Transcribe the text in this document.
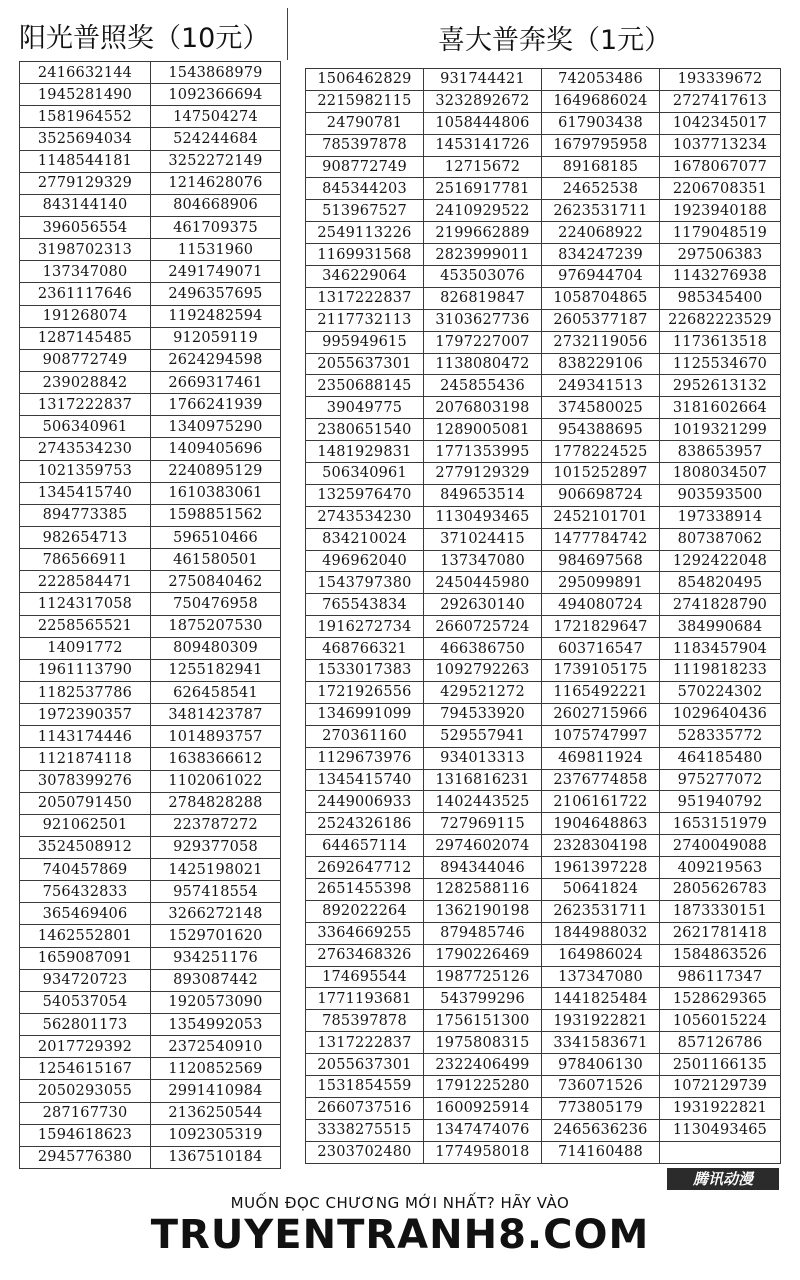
阳光普照奖（10元）	喜大普奔奖（1元）
2416632144	1543868979
1945281490	1092366694
1581964552	147504274
3525694034	524244684
1148544181	3252272149
2779129329	1214628076
843144140	804668906
396056554	461709375
3198702313	11531960
137347080	2491749071
2361117646	2496357695
191268074	1192482594
1287145485	912059119
908772749	2624294598
239028842	2669317461
1317222837	1766241939
506340961	1340975290
2743534230	1409405696
1021359753	2240895129
1345415740	1610383061
894773385	1598851562
982654713	596510466
786566911	461580501
2228584471	2750840462
1124317058	750476958
2258565521	1875207530
14091772	809480309
1961113790	1255182941
1182537786	626458541
1972390357	3481423787
1143174446	1014893757
1121874118	1638366612
3078399276	1102061022
2050791450	2784828288
921062501	223787272
3524508912	929377058
740457869	1425198021
756432833	957418554
365469406	3266272148
1462552801	1529701620
1659087091	934251176
934720723	893087442
540537054	1920573090
562801173	1354992053
2017729392	2372540910
1254615167	1120852569
2050293055	2991410984
287167730	2136250544
1594618623	1092305319
2945776380	1367510184
1506462829	931744421	742053486	193339672
2215982115	3232892672	1649686024	2727417613
24790781	1058444806	617903438	1042345017
785397878	1453141726	1679795958	1037713234
908772749	12715672	89168185	1678067077
845344203	2516917781	24652538	2206708351
513967527	2410929522	2623531711	1923940188
2549113226	2199662889	224068922	1179048519
1169931568	2823999011	834247239	297506383
346229064	453503076	976944704	1143276938
1317222837	826819847	1058704865	985345400
2117732113	3103627736	2605377187	22682223529
995949615	1797227007	2732119056	1173613518
2055637301	1138080472	838229106	1125534670
2350688145	245855436	249341513	2952613132
39049775	2076803198	374580025	3181602664
2380651540	1289005081	954388695	1019321299
1481929831	1771353995	1778224525	838653957
506340961	2779129329	1015252897	1808034507
1325976470	849653514	906698724	903593500
2743534230	1130493465	2452101701	197338914
834210024	371024415	1477784742	807387062
496962040	137347080	984697568	1292422048
1543797380	2450445980	295099891	854820495
765543834	292630140	494080724	2741828790
1916272734	2660725724	1721829647	384990684
468766321	466386750	603716547	1183457904
1533017383	1092792263	1739105175	1119818233
1721926556	429521272	1165492221	570224302
1346991099	794533920	2602715966	1029640436
270361160	529557941	1075747997	528335772
1129673976	934013313	469811924	464185480
1345415740	1316816231	2376774858	975277072
2449006933	1402443525	2106161722	951940792
2524326186	727969115	1904648863	1653151979
644657114	2974602074	2328304198	2740049088
2692647712	894344046	1961397228	409219563
2651455398	1282588116	50641824	2805626783
892022264	1362190198	2623531711	1873330151
3364669255	879485746	1844988032	2621781418
2763468326	1790226469	164986024	1584863526
174695544	1987725126	137347080	986117347
1771193681	543799296	1441825484	1528629365
785397878	1756151300	1931922821	1056015224
1317222837	1975808315	3341583671	857126786
2055637301	2322406499	978406130	2501166135
1531854559	1791225280	736071526	1072129739
2660737516	1600925914	773805179	1931922821
3338275515	1347474076	2465636236	1130493465
2303702480	1774958018	714160488	
腾讯动漫
MUỐN ĐỌC CHƯƠNG MỚI NHẤT? HÃY VÀO
TRUYENTRANH8.COM
